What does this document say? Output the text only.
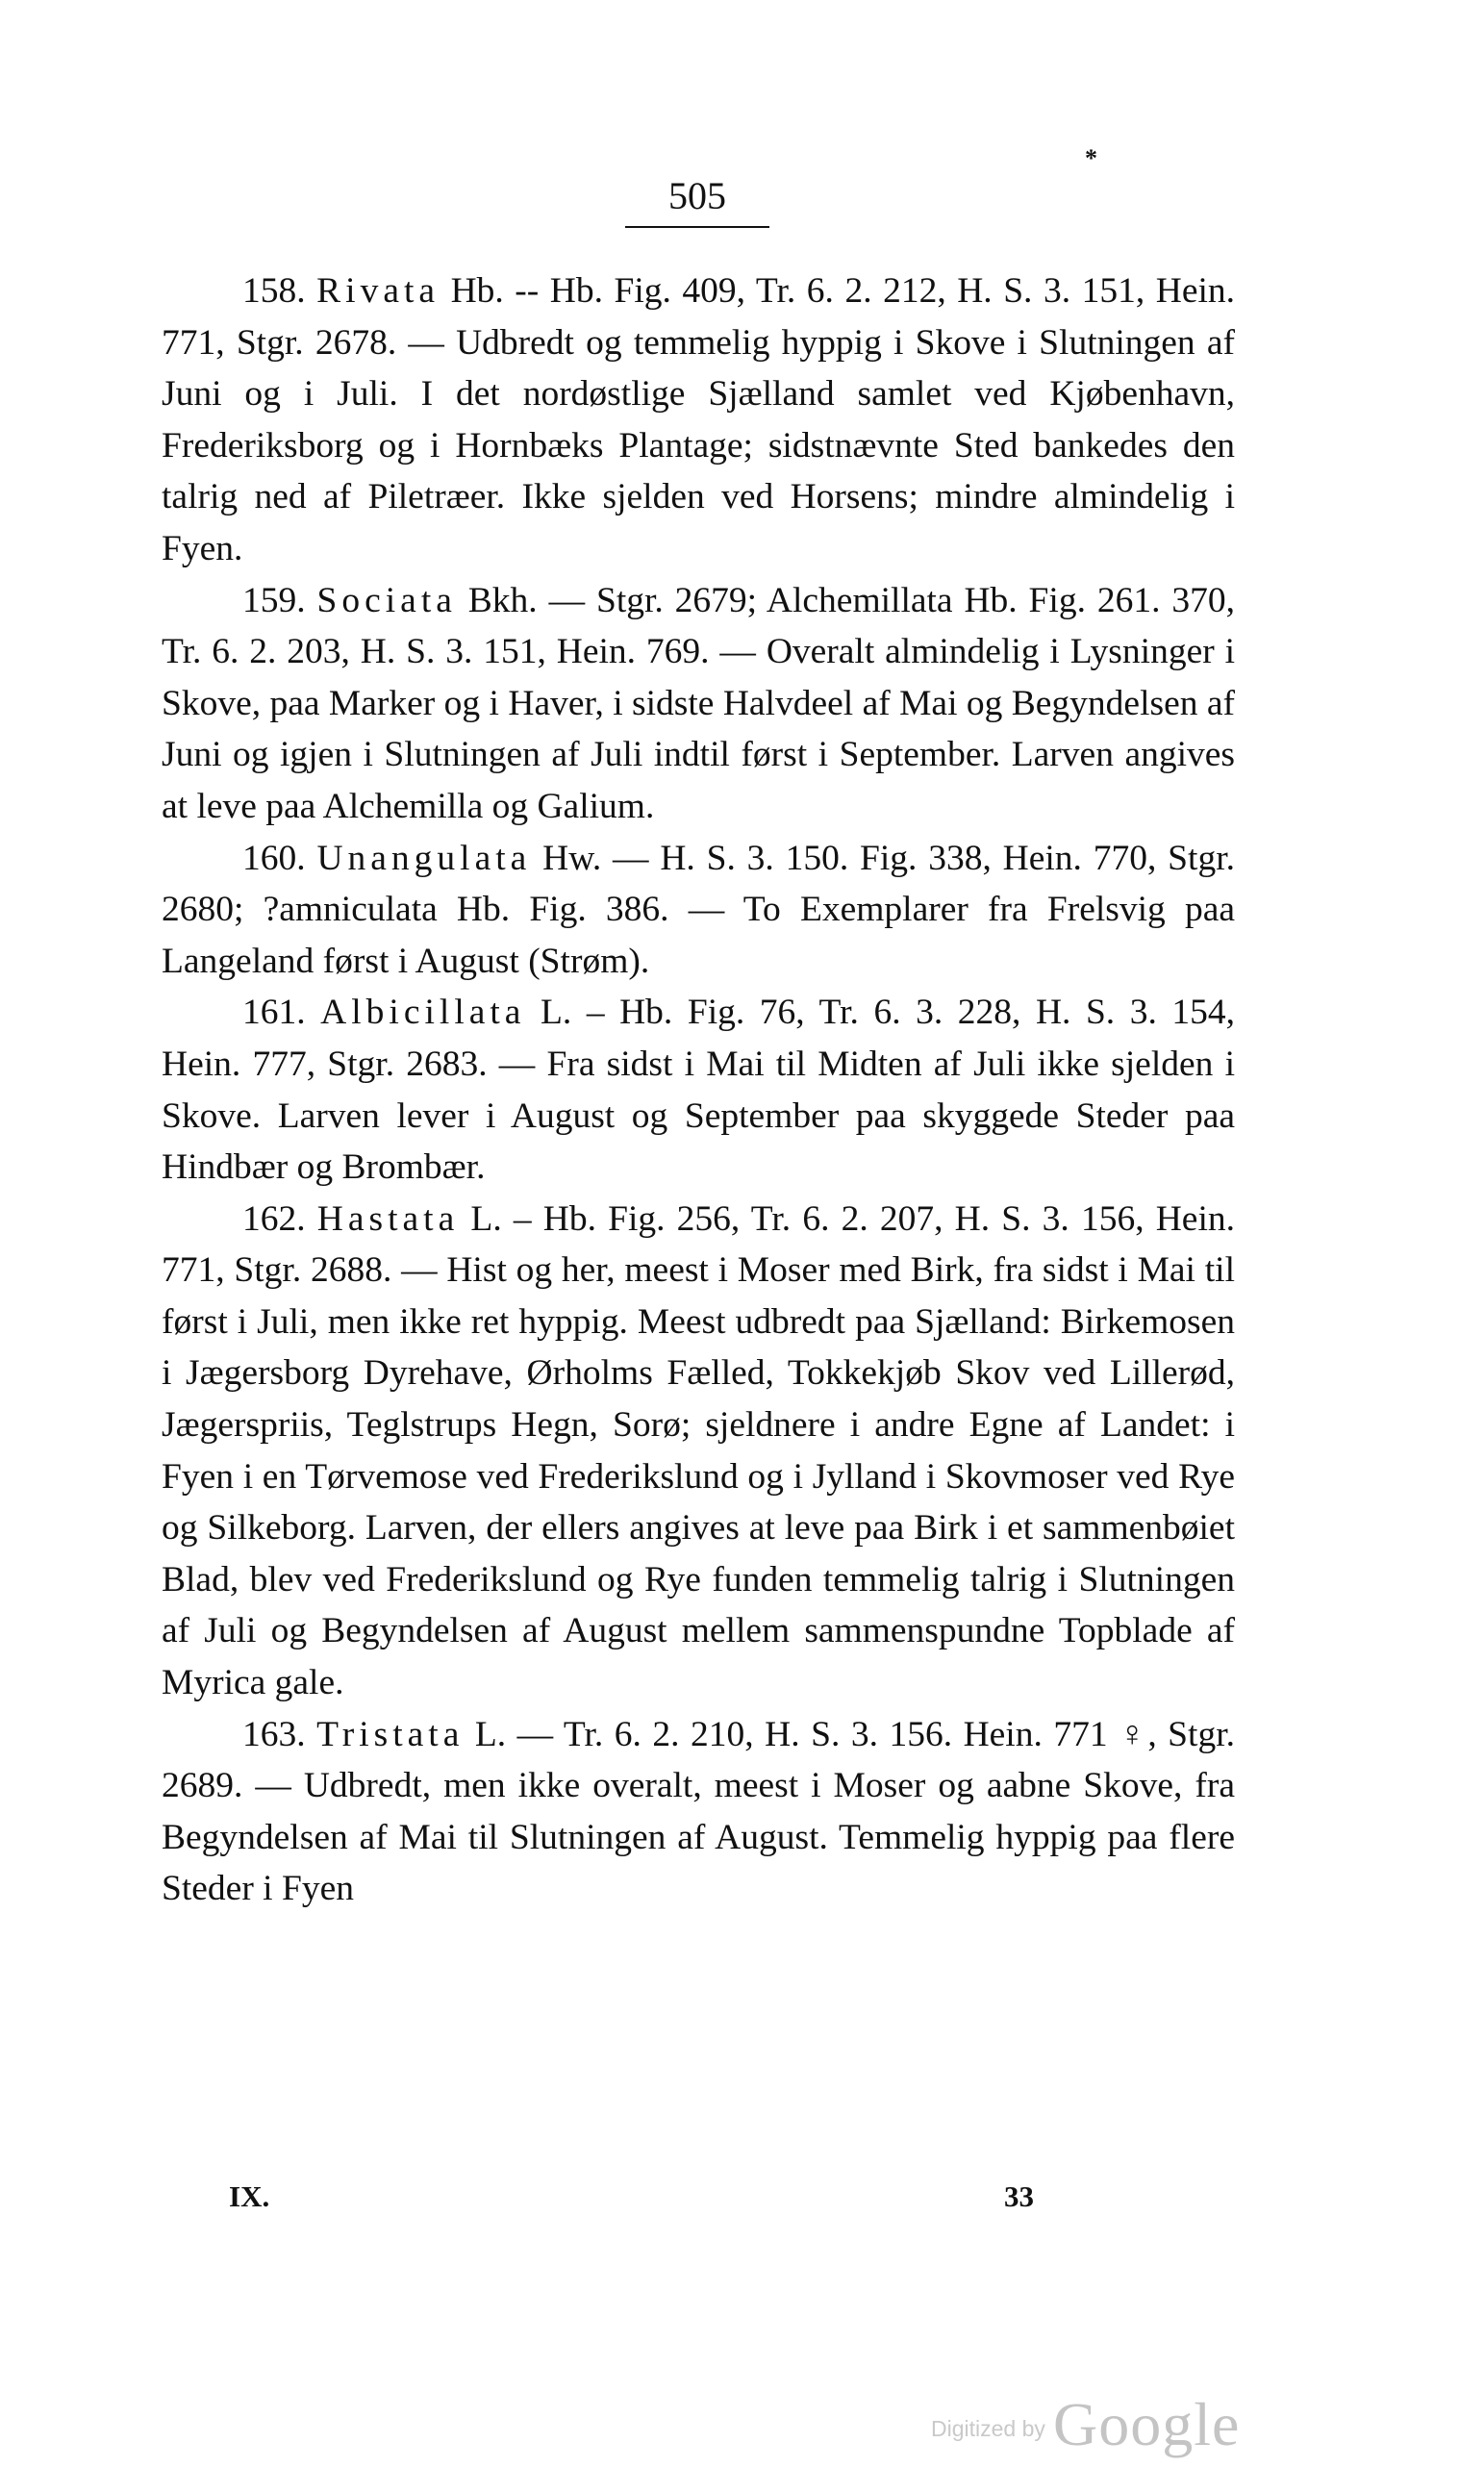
*
505

158. Rivata Hb. -- Hb. Fig. 409, Tr. 6. 2. 212, H. S. 3. 151, Hein. 771, Stgr. 2678. — Udbredt og temmelig hyppig i Skove i Slutningen af Juni og i Juli. I det nordøstlige Sjælland samlet ved Kjøbenhavn, Frederiksborg og i Hornbæks Plantage; sidstnævnte Sted bankedes den talrig ned af Piletræer. Ikke sjelden ved Horsens; mindre almindelig i Fyen.

159. Sociata Bkh. — Stgr. 2679; Alchemillata Hb. Fig. 261. 370, Tr. 6. 2. 203, H. S. 3. 151, Hein. 769. — Overalt almindelig i Lysninger i Skove, paa Marker og i Haver, i sidste Halvdeel af Mai og Begyndelsen af Juni og igjen i Slutningen af Juli indtil først i September. Larven angives at leve paa Alchemilla og Galium.

160. Unangulata Hw. — H. S. 3. 150. Fig. 338, Hein. 770, Stgr. 2680; ?amniculata Hb. Fig. 386. — To Exemplarer fra Frelsvig paa Langeland først i August (Strøm).

161. Albicillata L. – Hb. Fig. 76, Tr. 6. 3. 228, H. S. 3. 154, Hein. 777, Stgr. 2683. — Fra sidst i Mai til Midten af Juli ikke sjelden i Skove. Larven lever i August og September paa skyggede Steder paa Hindbær og Brombær.

162. Hastata L. – Hb. Fig. 256, Tr. 6. 2. 207, H. S. 3. 156, Hein. 771, Stgr. 2688. — Hist og her, meest i Moser med Birk, fra sidst i Mai til først i Juli, men ikke ret hyppig. Meest udbredt paa Sjælland: Birkemosen i Jægersborg Dyrehave, Ørholms Fælled, Tokkekjøb Skov ved Lillerød, Jægerspriis, Teglstrups Hegn, Sorø; sjeldnere i andre Egne af Landet: i Fyen i en Tørvemose ved Frederikslund og i Jylland i Skovmoser ved Rye og Silkeborg. Larven, der ellers angives at leve paa Birk i et sammenbøiet Blad, blev ved Frederikslund og Rye funden temmelig talrig i Slutningen af Juli og Begyndelsen af August mellem sammenspundne Topblade af Myrica gale.

163. Tristata L. — Tr. 6. 2. 210, H. S. 3. 156. Hein. 771 ♀, Stgr. 2689. — Udbredt, men ikke overalt, meest i Moser og aabne Skove, fra Begyndelsen af Mai til Slutningen af August. Temmelig hyppig paa flere Steder i Fyen

IX.	33
Digitized by Google
